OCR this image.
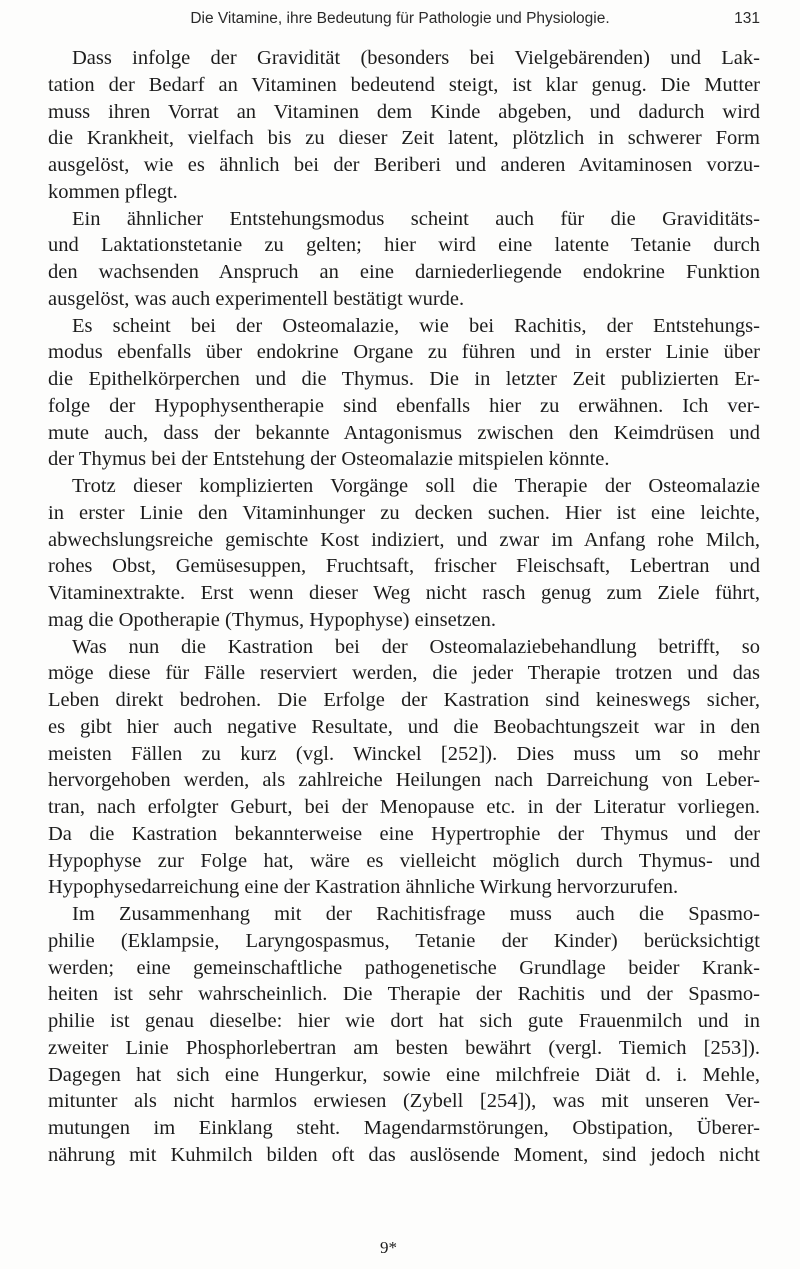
Die Vitamine, ihre Bedeutung für Pathologie und Physiologie.	131
Dass infolge der Gravidität (besonders bei Vielgebärenden) und Lak-
tation der Bedarf an Vitaminen bedeutend steigt, ist klar genug. Die Mutter
muss ihren Vorrat an Vitaminen dem Kinde abgeben, und dadurch wird
die Krankheit, vielfach bis zu dieser Zeit latent, plötzlich in schwerer Form
ausgelöst, wie es ähnlich bei der Beriberi und anderen Avitaminosen vorzu-
kommen pflegt.
Ein ähnlicher Entstehungsmodus scheint auch für die Graviditäts-
und Laktationstetanie zu gelten; hier wird eine latente Tetanie durch
den wachsenden Anspruch an eine darniederliegende endokrine Funktion
ausgelöst, was auch experimentell bestätigt wurde.
Es scheint bei der Osteomalazie, wie bei Rachitis, der Entstehungs-
modus ebenfalls über endokrine Organe zu führen und in erster Linie über
die Epithelkörperchen und die Thymus. Die in letzter Zeit publizierten Er-
folge der Hypophysentherapie sind ebenfalls hier zu erwähnen. Ich ver-
mute auch, dass der bekannte Antagonismus zwischen den Keimdrüsen und
der Thymus bei der Entstehung der Osteomalazie mitspielen könnte.
Trotz dieser komplizierten Vorgänge soll die Therapie der Osteomalazie
in erster Linie den Vitaminhunger zu decken suchen. Hier ist eine leichte,
abwechslungsreiche gemischte Kost indiziert, und zwar im Anfang rohe Milch,
rohes Obst, Gemüsesuppen, Fruchtsaft, frischer Fleischsaft, Lebertran und
Vitaminextrakte. Erst wenn dieser Weg nicht rasch genug zum Ziele führt,
mag die Opotherapie (Thymus, Hypophyse) einsetzen.
Was nun die Kastration bei der Osteomalaziebehandlung betrifft, so
möge diese für Fälle reserviert werden, die jeder Therapie trotzen und das
Leben direkt bedrohen. Die Erfolge der Kastration sind keineswegs sicher,
es gibt hier auch negative Resultate, und die Beobachtungszeit war in den
meisten Fällen zu kurz (vgl. Winckel [252]). Dies muss um so mehr
hervorgehoben werden, als zahlreiche Heilungen nach Darreichung von Leber-
tran, nach erfolgter Geburt, bei der Menopause etc. in der Literatur vorliegen.
Da die Kastration bekannterweise eine Hypertrophie der Thymus und der
Hypophyse zur Folge hat, wäre es vielleicht möglich durch Thymus- und
Hypophysedarreichung eine der Kastration ähnliche Wirkung hervorzurufen.
Im Zusammenhang mit der Rachitisfrage muss auch die Spasmo-
philie (Eklampsie, Laryngospasmus, Tetanie der Kinder) berücksichtigt
werden; eine gemeinschaftliche pathogenetische Grundlage beider Krank-
heiten ist sehr wahrscheinlich. Die Therapie der Rachitis und der Spasmo-
philie ist genau dieselbe: hier wie dort hat sich gute Frauenmilch und in
zweiter Linie Phosphorlebertran am besten bewährt (vergl. Tiemich [253]).
Dagegen hat sich eine Hungerkur, sowie eine milchfreie Diät d. i. Mehle,
mitunter als nicht harmlos erwiesen (Zybell [254]), was mit unseren Ver-
mutungen im Einklang steht. Magendarmstörungen, Obstipation, Überer-
nährung mit Kuhmilch bilden oft das auslösende Moment, sind jedoch nicht
9*
